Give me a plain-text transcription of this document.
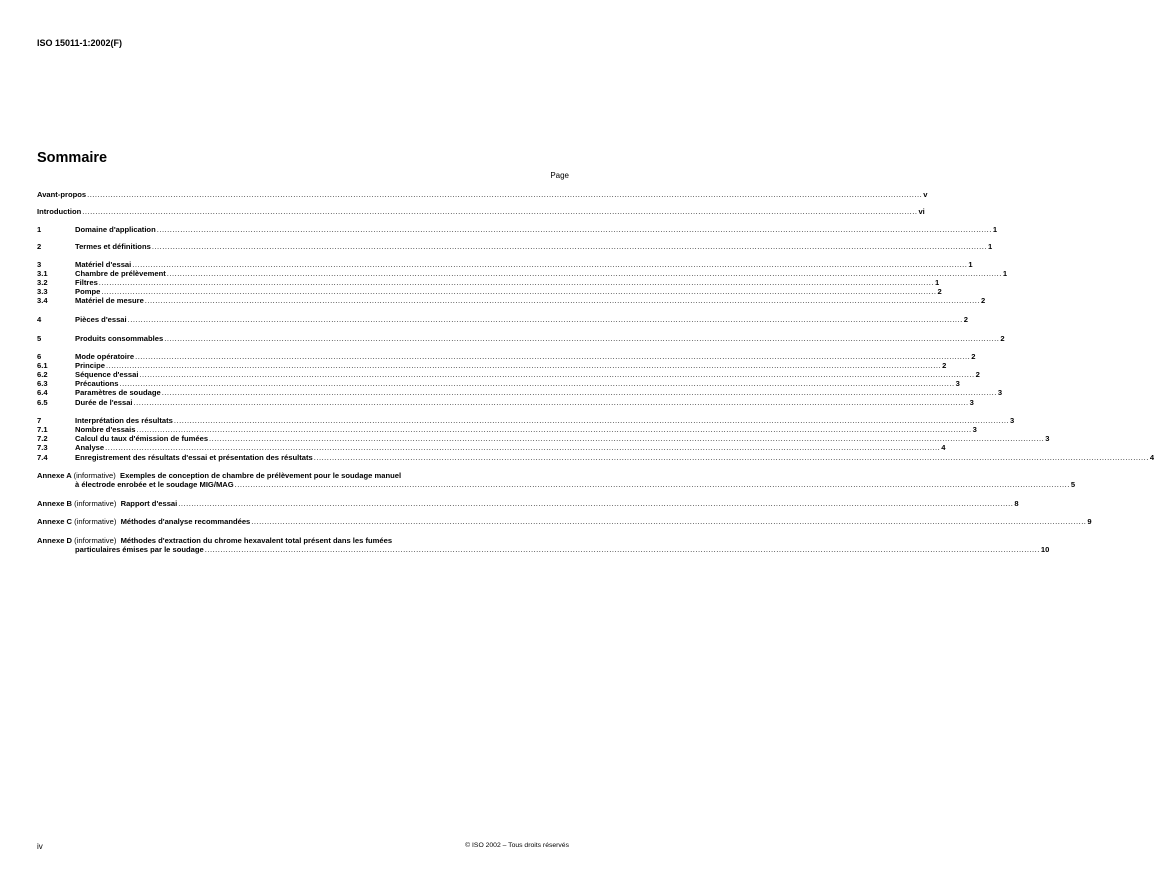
ISO 15011-1:2002(F)
Sommaire
Page
Avant-propos .....	v
Introduction .....	vi
1	Domaine d'application .....	1
2	Termes et définitions .....	1
3	Matériel d'essai .....	1
3.1	Chambre de prélèvement .....	1
3.2	Filtres .....	1
3.3	Pompe .....	2
3.4	Matériel de mesure .....	2
4	Pièces d'essai .....	2
5	Produits consommables .....	2
6	Mode opératoire .....	2
6.1	Principe .....	2
6.2	Séquence d'essai .....	2
6.3	Précautions .....	3
6.4	Paramètres de soudage .....	3
6.5	Durée de l'essai .....	3
7	Interprétation des résultats .....	3
7.1	Nombre d'essais .....	3
7.2	Calcul du taux d'émission de fumées .....	3
7.3	Analyse .....	4
7.4	Enregistrement des résultats d'essai et présentation des résultats .....	4
Annexe A (informative) Exemples de conception de chambre de prélèvement pour le soudage manuel
à électrode enrobée et le soudage MIG/MAG .....	5
Annexe B (informative) Rapport d'essai .....	8
Annexe C (informative) Méthodes d'analyse recommandées .....	9
Annexe D (informative) Méthodes d'extraction du chrome hexavalent total présent dans les fumées
particulaires émises par le soudage .....	10
iv	© ISO 2002 – Tous droits réservés
